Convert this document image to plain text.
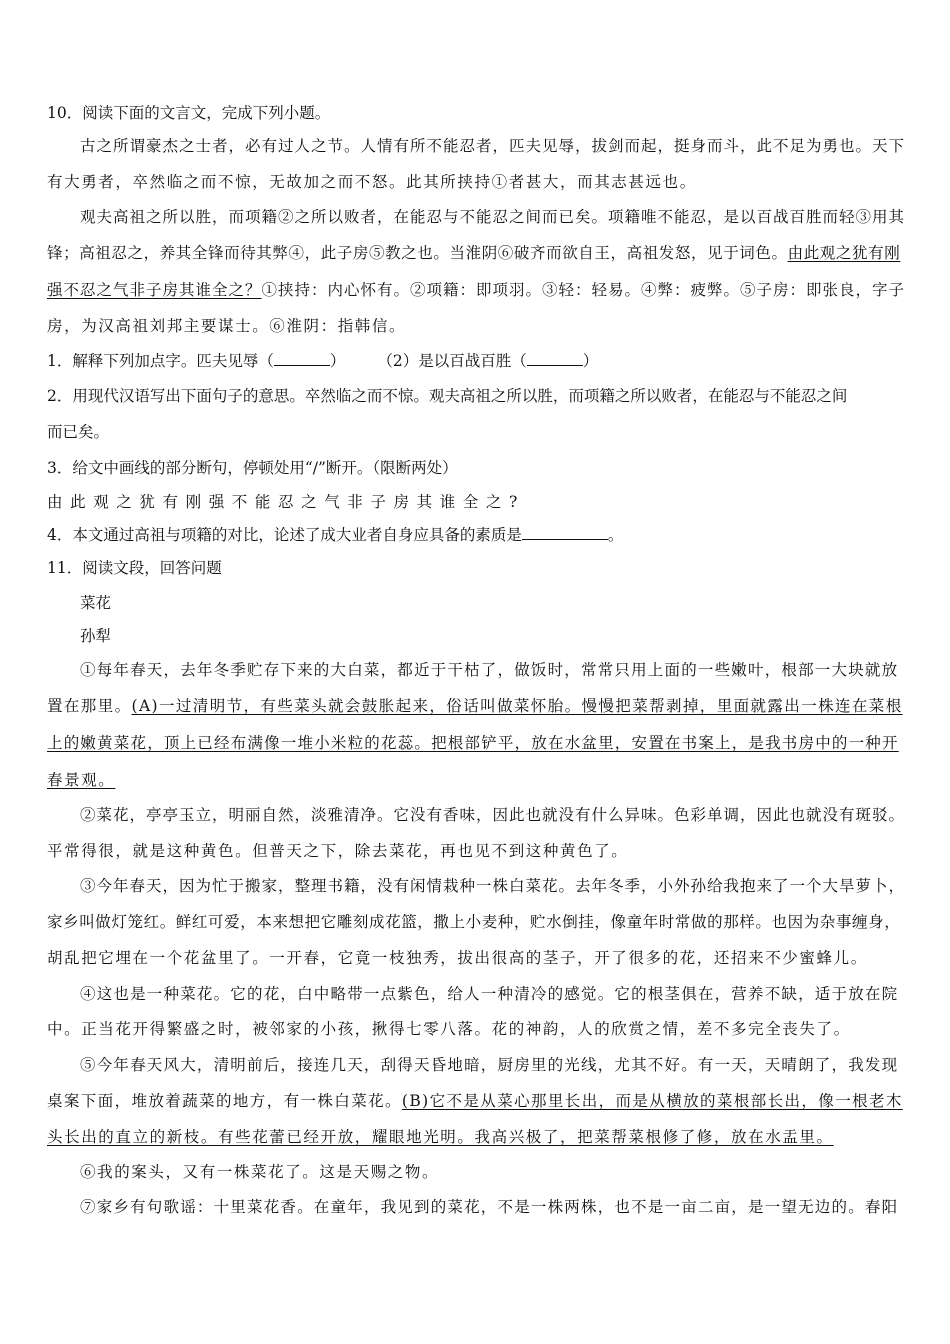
10．阅读下面的文言文，完成下列小题。
古之所谓豪杰之士者，必有过人之节。人情有所不能忍者，匹夫见辱，拔剑而起，挺身而斗，此不足为勇也。天下
有大勇者，卒然临之而不惊，无故加之而不怒。此其所挟持①者甚大，而其志甚远也。
观夫高祖之所以胜，而项籍②之所以败者，在能忍与不能忍之间而已矣。项籍唯不能忍，是以百战百胜而轻③用其
锋；高祖忍之，养其全锋而待其弊④，此子房⑤教之也。当淮阴⑥破齐而欲自王，高祖发怒，见于词色。由此观之犹有刚
强不忍之气非子房其谁全之？①挟持：内心怀有。②项籍：即项羽。③轻：轻易。④弊：疲弊。⑤子房：即张良，字子
房，为汉高祖刘邦主要谋士。⑥淮阴：指韩信。
1．解释下列加点字。匹夫见辱（	） （2）是以百战百胜（	）
2．用现代汉语写出下面句子的意思。卒然临之而不惊。观夫高祖之所以胜，而项籍之所以败者，在能忍与不能忍之间
而已矣。
3．给文中画线的部分断句，停顿处用“/”断开。（限断两处）
由此观之犹有刚强不能忍之气非子房其谁全之?
4．本文通过高祖与项籍的对比，论述了成大业者自身应具备的素质是	。
11．阅读文段，回答问题
菜花
孙犁
①每年春天，去年冬季贮存下来的大白菜，都近于干枯了，做饭时，常常只用上面的一些嫩叶，根部一大块就放
置在那里。(A)一过清明节，有些菜头就会鼓胀起来，俗话叫做菜怀胎。慢慢把菜帮剥掉，里面就露出一株连在菜根
上的嫩黄菜花，顶上已经布满像一堆小米粒的花蕊。把根部铲平，放在水盆里，安置在书案上，是我书房中的一种开
春景观。
②菜花，亭亭玉立，明丽自然，淡雅清净。它没有香味，因此也就没有什么异味。色彩单调，因此也就没有斑驳。
平常得很，就是这种黄色。但普天之下，除去菜花，再也见不到这种黄色了。
③今年春天，因为忙于搬家，整理书籍，没有闲情栽种一株白菜花。去年冬季，小外孙给我抱来了一个大旱萝卜，
家乡叫做灯笼红。鲜红可爱，本来想把它雕刻成花篮，撒上小麦种，贮水倒挂，像童年时常做的那样。也因为杂事缠身，
胡乱把它埋在一个花盆里了。一开春，它竟一枝独秀，拔出很高的茎子，开了很多的花，还招来不少蜜蜂儿。
④这也是一种菜花。它的花，白中略带一点紫色，给人一种清冷的感觉。它的根茎俱在，营养不缺，适于放在院
中。正当花开得繁盛之时，被邻家的小孩，揪得七零八落。花的神韵，人的欣赏之情，差不多完全丧失了。
⑤今年春天风大，清明前后，接连几天，刮得天昏地暗，厨房里的光线，尤其不好。有一天，天晴朗了，我发现
桌案下面，堆放着蔬菜的地方，有一株白菜花。(B)它不是从菜心那里长出，而是从横放的菜根部长出，像一根老木
头长出的直立的新枝。有些花蕾已经开放，耀眼地光明。我高兴极了，把菜帮菜根修了修，放在水盂里。
⑥我的案头，又有一株菜花了。这是天赐之物。
⑦家乡有句歌谣：十里菜花香。在童年，我见到的菜花，不是一株两株，也不是一亩二亩，是一望无边的。春阳
